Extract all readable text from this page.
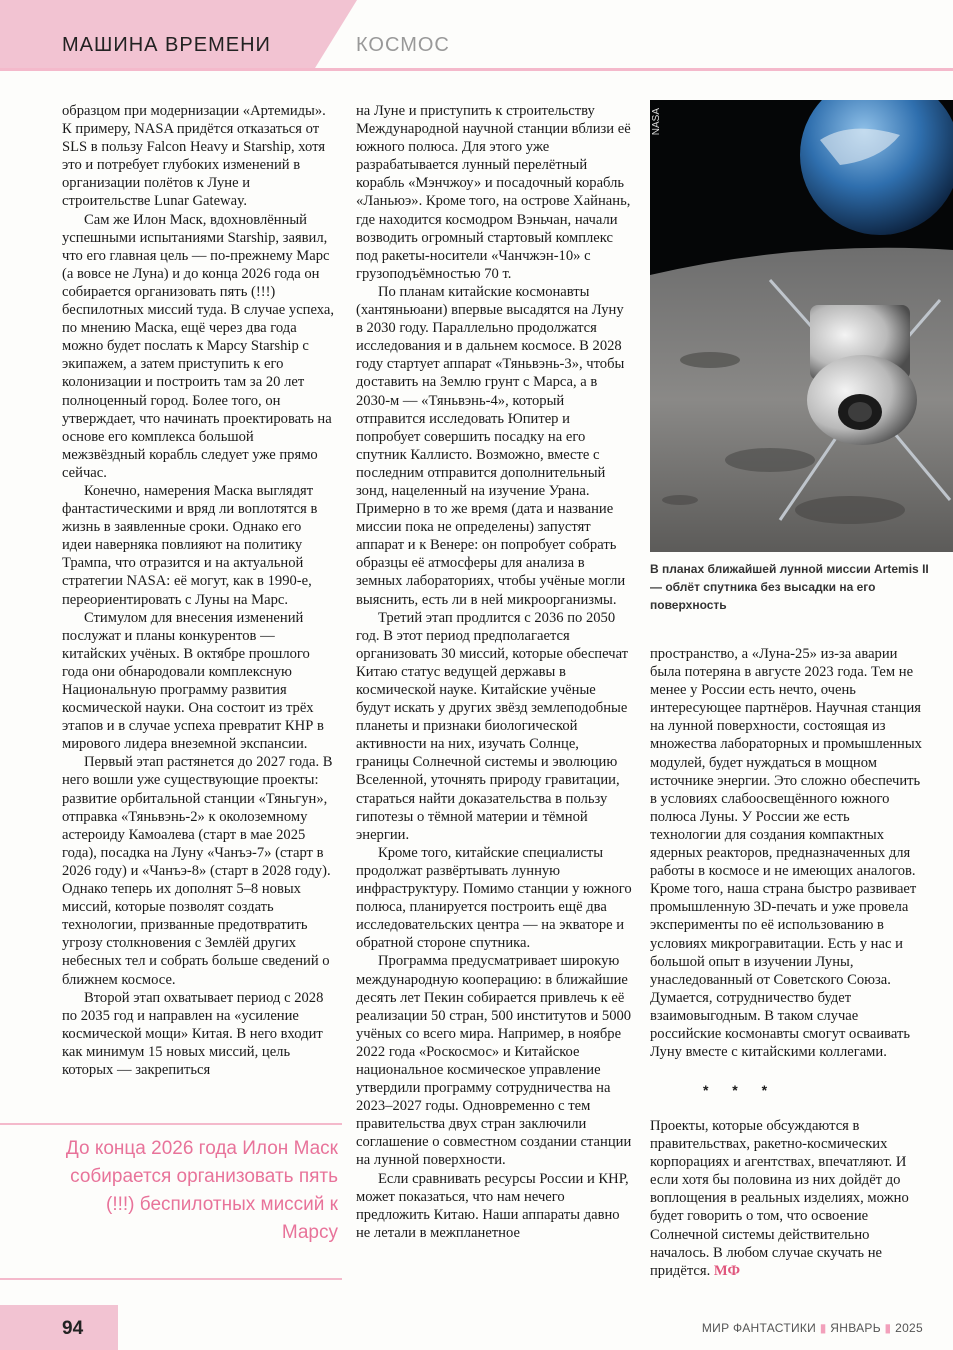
МАШИНА ВРЕМЕНИ	КОСМОС

образцом при модернизации «Артемиды». К примеру, NASA придётся отказаться от SLS в пользу Falcon Heavy и Starship, хотя это и потребует глубоких изменений в организации полётов к Луне и строительстве Lunar Gateway.

Сам же Илон Маск, вдохновлённый успешными испытаниями Starship, заявил, что его главная цель — по-прежнему Марс (а вовсе не Луна) и до конца 2026 года он собирается организовать пять (!!!) беспилотных миссий туда. В случае успеха, по мнению Маска, ещё через два года можно будет послать к Марсу Starship с экипажем, а затем приступить к его колонизации и построить там за 20 лет полноценный город. Более того, он утверждает, что начинать проектировать на основе его комплекса большой межзвёздный корабль следует уже прямо сейчас.

Конечно, намерения Маска выглядят фантастическими и вряд ли воплотятся в жизнь в заявленные сроки. Однако его идеи наверняка повлияют на политику Трампа, что отразится и на актуальной стратегии NASA: её могут, как в 1990-е, переориентировать с Луны на Марс.

Стимулом для внесения изменений послужат и планы конкурентов — китайских учёных. В октябре прошлого года они обнародовали комплексную Национальную программу развития космической науки. Она состоит из трёх этапов и в случае успеха превратит КНР в мирового лидера внеземной экспансии.

Первый этап растянется до 2027 года. В него вошли уже существующие проекты: развитие орбитальной станции «Тяньгун», отправка «Тяньвэнь-2» к околоземному астероиду Камоалева (старт в мае 2025 года), посадка на Луну «Чанъэ-7» (старт в 2026 году) и «Чанъэ-8» (старт в 2028 году). Однако теперь их дополнят 5–8 новых миссий, которые позволят создать технологии, призванные предотвратить угрозу столкновения с Землёй других небесных тел и собрать больше сведений о ближнем космосе.

Второй этап охватывает период с 2028 по 2035 год и направлен на «усиление космической мощи» Китая. В него входит как минимум 15 новых миссий, цель которых — закрепиться

на Луне и приступить к строительству Международной научной станции вблизи её южного полюса. Для этого уже разрабатывается лунный перелётный корабль «Мэнчжоу» и посадочный корабль «Ланьюэ». Кроме того, на острове Хайнань, где находится космодром Вэньчан, начали возводить огромный стартовый комплекс под ракеты-носители «Чанчжэн-10» с грузоподъёмностью 70 т.

По планам китайские космонавты (хантяньюани) впервые высадятся на Луну в 2030 году. Параллельно продолжатся исследования и в дальнем космосе. В 2028 году стартует аппарат «Тяньвэнь-3», чтобы доставить на Землю грунт с Марса, а в 2030-м — «Тяньвэнь-4», который отправится исследовать Юпитер и попробует совершить посадку на его спутник Каллисто. Возможно, вместе с последним отправится дополнительный зонд, нацеленный на изучение Урана. Примерно в то же время (дата и название миссии пока не определены) запустят аппарат и к Венере: он попробует собрать образцы её атмосферы для анализа в земных лабораториях, чтобы учёные могли выяснить, есть ли в ней микроорганизмы.

Третий этап продлится с 2036 по 2050 год. В этот период предполагается организовать 30 миссий, которые обеспечат Китаю статус ведущей державы в космической науке. Китайские учёные будут искать у других звёзд землеподобные планеты и признаки биологической активности на них, изучать Солнце, границы Солнечной системы и эволюцию Вселенной, уточнять природу гравитации, стараться найти доказательства в пользу гипотезы о тёмной материи и тёмной энергии.

Кроме того, китайские специалисты продолжат развёртывать лунную инфраструктуру. Помимо станции у южного полюса, планируется построить ещё два исследовательских центра — на экваторе и обратной стороне спутника.

Программа предусматривает широкую международную кооперацию: в ближайшие десять лет Пекин собирается привлечь к её реализации 50 стран, 500 институтов и 5000 учёных со всего мира. Например, в ноябре 2022 года «Роскосмос» и Китайское национальное космическое управление утвердили программу сотрудничества на 2023–2027 годы. Одновременно с тем правительства двух стран заключили соглашение о совместном создании станции на лунной поверхности.

Если сравнивать ресурсы России и КНР, может показаться, что нам нечего предложить Китаю. Наши аппараты давно не летали в межпланетное

NASA
В планах ближайшей лунной миссии Artemis II — облёт спутника без высадки на его поверхность

пространство, а «Луна-25» из-за аварии была потеряна в августе 2023 года. Тем не менее у России есть нечто, очень интересующее партнёров. Научная станция на лунной поверхности, состоящая из множества лабораторных и промышленных модулей, будет нуждаться в мощном источнике энергии. Это сложно обеспечить в условиях слабоосвещённого южного полюса Луны. У России же есть технологии для создания компактных ядерных реакторов, предназначенных для работы в космосе и не имеющих аналогов. Кроме того, наша страна быстро развивает промышленную 3D-печать и уже провела эксперименты по её использованию в условиях микрогравитации. Есть у нас и большой опыт в изучении Луны, унаследованный от Советского Союза. Думается, сотрудничество будет взаимовыгодным. В таком случае российские космонавты смогут осваивать Луну вместе с китайскими коллегами.

* * *

Проекты, которые обсуждаются в правительствах, ракетно-космических корпорациях и агентствах, впечатляют. И если хотя бы половина из них дойдёт до воплощения в реальных изделиях, можно будет говорить о том, что освоение Солнечной системы действительно началось. В любом случае скучать не придётся. МФ

До конца 2026 года Илон Маск собирается организовать пять (!!!) беспилотных миссий к Марсу
94	МИР ФАНТАСТИКИ ▮ ЯНВАРЬ ▮ 2025
